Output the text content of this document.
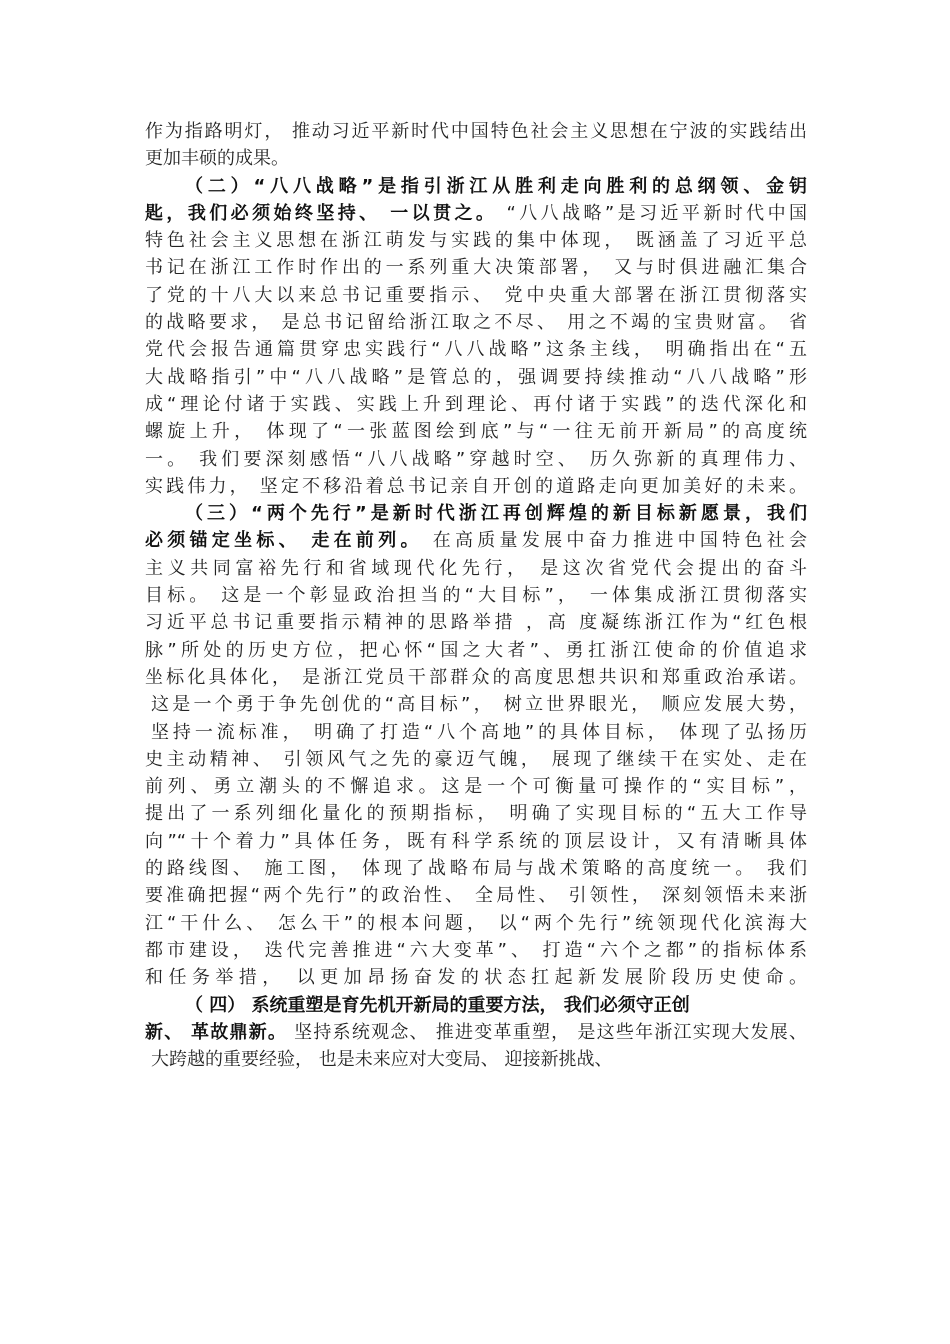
作为指路明灯， 推动习近平新时代中国特色社会主义思想在宁波的实践结出
更加丰硕的成果。
（二）“八八战略”是指引浙江从胜利走向胜利的总纲领、金钥
匙，我们必须始终坚持、 一以贯之。 “八八战略”是习近平新时代中国
特色社会主义思想在浙江萌发与实践的集中体现， 既涵盖了习近平总
书记在浙江工作时作出的一系列重大决策部署， 又与时俱进融汇集合
了党的十八大以来总书记重要指示、 党中央重大部署在浙江贯彻落实
的战略要求， 是总书记留给浙江取之不尽、 用之不竭的宝贵财富。 省
党代会报告通篇贯穿忠实践行“八八战略”这条主线， 明确指出在“五
大战略指引”中“八八战略”是管总的，强调要持续推动“八八战略”形
成“理论付诸于实践、实践上升到理论、再付诸于实践”的迭代深化和
螺旋上升， 体现了“一张蓝图绘到底”与“一往无前开新局”的高度统
一。 我们要深刻感悟“八八战略”穿越时空、 历久弥新的真理伟力、
实践伟力， 坚定不移沿着总书记亲自开创的道路走向更加美好的未来。
（三）“两个先行”是新时代浙江再创辉煌的新目标新愿景，我们
必须锚定坐标、 走在前列。 在高质量发展中奋力推进中国特色社会
主义共同富裕先行和省域现代化先行， 是这次省党代会提出的奋斗
目标。 这是一个彰显政治担当的“大目标”， 一体集成浙江贯彻落实
习近平总书记重要指示精神的思路举措 ，高 度凝练浙江作为“红色根
脉”所处的历史方位，把心怀“国之大者”、勇扛浙江使命的价值追求
坐标化具体化， 是浙江党员干部群众的高度思想共识和郑重政治承诺。
这是一个勇于争先创优的“高目标”， 树立世界眼光， 顺应发展大势，
坚持一流标准， 明确了打造“八个高地”的具体目标， 体现了弘扬历
史主动精神、 引领风气之先的豪迈气魄， 展现了继续干在实处、走在
前列、勇立潮头的不懈追求。这是一个可衡量可操作的“实目标”，
提出了一系列细化量化的预期指标， 明确了实现目标的“五大工作导
向”“十个着力”具体任务，既有科学系统的顶层设计，又有清晰具体
的路线图、 施工图， 体现了战略布局与战术策略的高度统一。 我们
要准确把握“两个先行”的政治性、 全局性、 引领性， 深刻领悟未来浙
江“干什么、 怎么干”的根本问题， 以“两个先行”统领现代化滨海大
都市建设， 迭代完善推进“六大变革”、 打造“六个之都”的指标体系
和任务举措， 以更加昂扬奋发的状态扛起新发展阶段历史使命。
（ 四） 系统重塑是育先机开新局的重要方法， 我们必须守正创
新、 革故鼎新。 坚持系统观念、 推进变革重塑， 是这些年浙江实现大发展、
大跨越的重要经验， 也是未来应对大变局、 迎接新挑战、
